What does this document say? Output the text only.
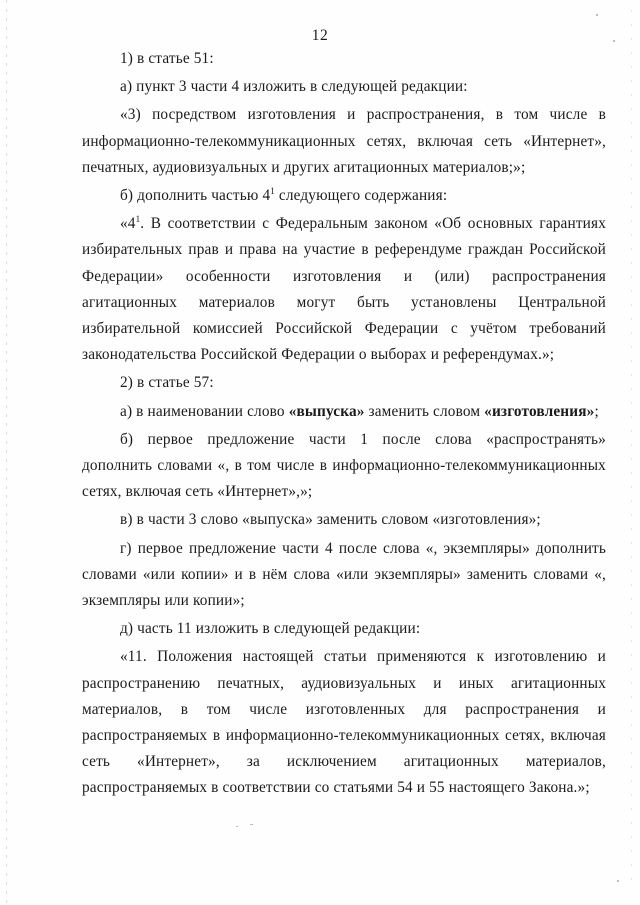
12

1) в статье 51:

а) пункт 3 части 4 изложить в следующей редакции:

«3) посредством изготовления и распространения, в том числе в информационно-телекоммуникационных сетях, включая сеть «Интернет», печатных, аудиовизуальных и других агитационных материалов;»;

б) дополнить частью $4^1$ следующего содержания:

«$4^1$. В соответствии с Федеральным законом «Об основных гарантиях избирательных прав и права на участие в референдуме граждан Российской Федерации» особенности изготовления и (или) распространения агитационных материалов могут быть установлены Центральной избирательной комиссией Российской Федерации с учётом требований законодательства Российской Федерации о выборах и референдумах.»;

2) в статье 57:

а) в наименовании слово «выпуска» заменить словом «изготовления»;

б) первое предложение части 1 после слова «распространять» дополнить словами «, в том числе в информационно-телекоммуникационных сетях, включая сеть «Интернет»,»;

в) в части 3 слово «выпуска» заменить словом «изготовления»;

г) первое предложение части 4 после слова «, экземпляры» дополнить словами «или копии» и в нём слова «или экземпляры» заменить словами «, экземпляры или копии»;

д) часть 11 изложить в следующей редакции:

«11. Положения настоящей статьи применяются к изготовлению и распространению печатных, аудиовизуальных и иных агитационных материалов, в том числе изготовленных для распространения и распространяемых в информационно-телекоммуникационных сетях, включая сеть «Интернет», за исключением агитационных материалов, распространяемых в соответствии со статьями 54 и 55 настоящего Закона.»;
